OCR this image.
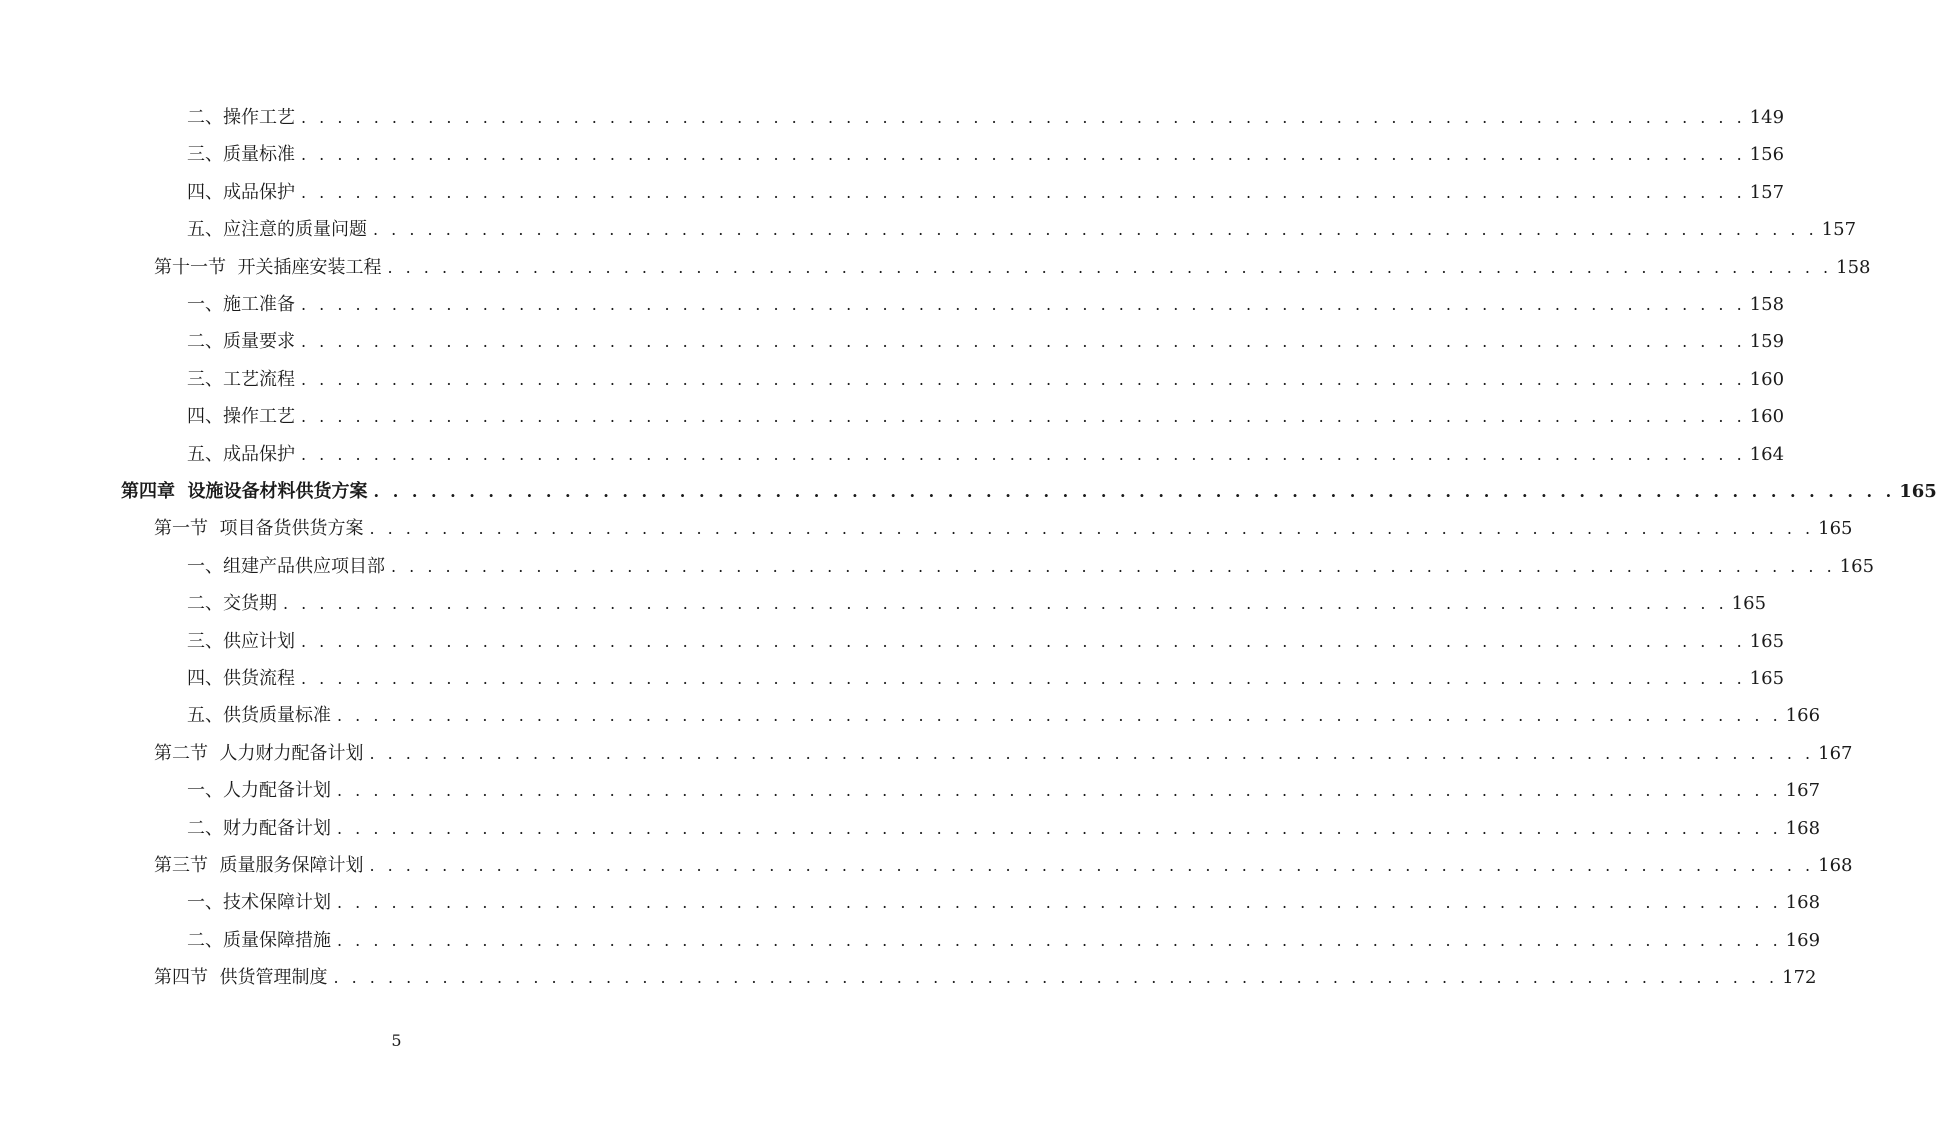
二、操作工艺 . . . . . . . . . . . . . . . . . . . . . . . . . . . . . . . . . . . . . . . . . . . . . . . . . . . . . . . . . . . . . . . . . . . . . . . . . . . . . . . . 149
三、质量标准 . . . . . . . . . . . . . . . . . . . . . . . . . . . . . . . . . . . . . . . . . . . . . . . . . . . . . . . . . . . . . . . . . . . . . . . . . . . . . . . . 156
四、成品保护 . . . . . . . . . . . . . . . . . . . . . . . . . . . . . . . . . . . . . . . . . . . . . . . . . . . . . . . . . . . . . . . . . . . . . . . . . . . . . . . . 157
五、应注意的质量问题 . . . . . . . . . . . . . . . . . . . . . . . . . . . . . . . . . . . . . . . . . . . . . . . . . . . . . . . . . . . . . . . . . . . . . . . . . . . . . . . . 157
第十一节  开关插座安装工程 . . . . . . . . . . . . . . . . . . . . . . . . . . . . . . . . . . . . . . . . . . . . . . . . . . . . . . . . . . . . . . . . . . . . . . . . . . . . . . . . 158
一、施工准备 . . . . . . . . . . . . . . . . . . . . . . . . . . . . . . . . . . . . . . . . . . . . . . . . . . . . . . . . . . . . . . . . . . . . . . . . . . . . . . . . 158
二、质量要求 . . . . . . . . . . . . . . . . . . . . . . . . . . . . . . . . . . . . . . . . . . . . . . . . . . . . . . . . . . . . . . . . . . . . . . . . . . . . . . . . 159
三、工艺流程 . . . . . . . . . . . . . . . . . . . . . . . . . . . . . . . . . . . . . . . . . . . . . . . . . . . . . . . . . . . . . . . . . . . . . . . . . . . . . . . . 160
四、操作工艺 . . . . . . . . . . . . . . . . . . . . . . . . . . . . . . . . . . . . . . . . . . . . . . . . . . . . . . . . . . . . . . . . . . . . . . . . . . . . . . . . 160
五、成品保护 . . . . . . . . . . . . . . . . . . . . . . . . . . . . . . . . . . . . . . . . . . . . . . . . . . . . . . . . . . . . . . . . . . . . . . . . . . . . . . . . 164
第四章  设施设备材料供货方案 . . . . . . . . . . . . . . . . . . . . . . . . . . . . . . . . . . . . . . . . . . . . . . . . . . . . . . . . . . . . . . . . . . . . . . . . . . . . . . . . 165
第一节  项目备货供货方案 . . . . . . . . . . . . . . . . . . . . . . . . . . . . . . . . . . . . . . . . . . . . . . . . . . . . . . . . . . . . . . . . . . . . . . . . . . . . . . . . 165
一、组建产品供应项目部 . . . . . . . . . . . . . . . . . . . . . . . . . . . . . . . . . . . . . . . . . . . . . . . . . . . . . . . . . . . . . . . . . . . . . . . . . . . . . . . . 165
二、交货期 . . . . . . . . . . . . . . . . . . . . . . . . . . . . . . . . . . . . . . . . . . . . . . . . . . . . . . . . . . . . . . . . . . . . . . . . . . . . . . . . 165
三、供应计划 . . . . . . . . . . . . . . . . . . . . . . . . . . . . . . . . . . . . . . . . . . . . . . . . . . . . . . . . . . . . . . . . . . . . . . . . . . . . . . . . 165
四、供货流程 . . . . . . . . . . . . . . . . . . . . . . . . . . . . . . . . . . . . . . . . . . . . . . . . . . . . . . . . . . . . . . . . . . . . . . . . . . . . . . . . 165
五、供货质量标准 . . . . . . . . . . . . . . . . . . . . . . . . . . . . . . . . . . . . . . . . . . . . . . . . . . . . . . . . . . . . . . . . . . . . . . . . . . . . . . . . 166
第二节  人力财力配备计划 . . . . . . . . . . . . . . . . . . . . . . . . . . . . . . . . . . . . . . . . . . . . . . . . . . . . . . . . . . . . . . . . . . . . . . . . . . . . . . . . 167
一、人力配备计划 . . . . . . . . . . . . . . . . . . . . . . . . . . . . . . . . . . . . . . . . . . . . . . . . . . . . . . . . . . . . . . . . . . . . . . . . . . . . . . . . 167
二、财力配备计划 . . . . . . . . . . . . . . . . . . . . . . . . . . . . . . . . . . . . . . . . . . . . . . . . . . . . . . . . . . . . . . . . . . . . . . . . . . . . . . . . 168
第三节  质量服务保障计划 . . . . . . . . . . . . . . . . . . . . . . . . . . . . . . . . . . . . . . . . . . . . . . . . . . . . . . . . . . . . . . . . . . . . . . . . . . . . . . . . 168
一、技术保障计划 . . . . . . . . . . . . . . . . . . . . . . . . . . . . . . . . . . . . . . . . . . . . . . . . . . . . . . . . . . . . . . . . . . . . . . . . . . . . . . . . 168
二、质量保障措施 . . . . . . . . . . . . . . . . . . . . . . . . . . . . . . . . . . . . . . . . . . . . . . . . . . . . . . . . . . . . . . . . . . . . . . . . . . . . . . . . 169
第四节  供货管理制度 . . . . . . . . . . . . . . . . . . . . . . . . . . . . . . . . . . . . . . . . . . . . . . . . . . . . . . . . . . . . . . . . . . . . . . . . . . . . . . . . 172
5
